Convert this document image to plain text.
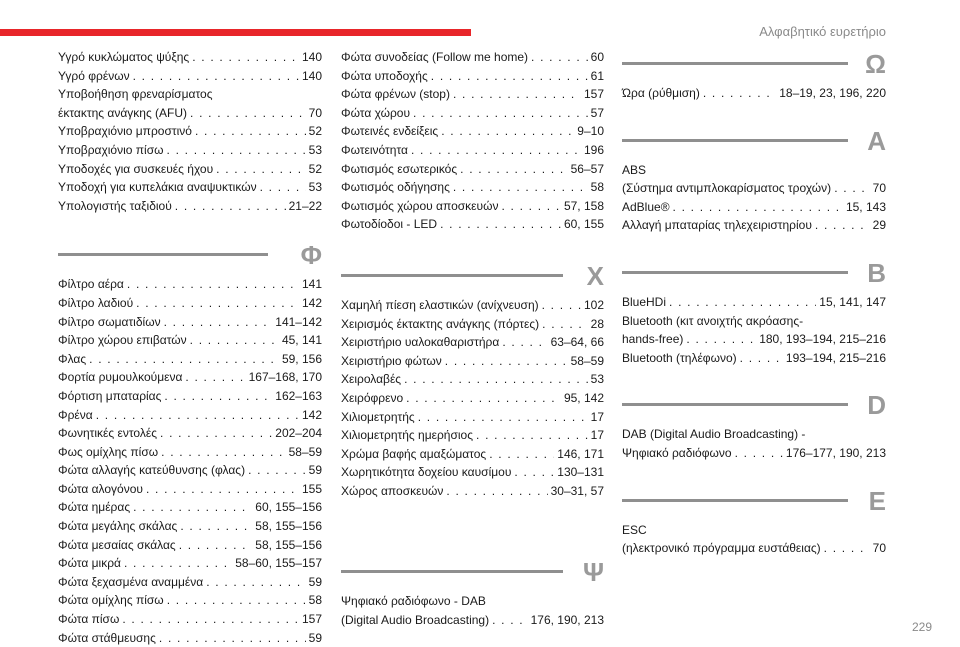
Αλφαβητικό ευρετήριο
Υγρό κυκλώματος ψύξης . . .	140
Υγρό φρένων . . .	140
Υποβοήθηση φρεναρίσματος
έκτακτης ανάγκης (AFU) . . .	70
Υποβραχιόνιο μπροστινό . . .	52
Υποβραχιόνιο πίσω . . .	53
Υποδοχές για συσκευές ήχου . . .	52
Υποδοχή για κυπελάκια αναψυκτικών . . .	53
Υπολογιστής ταξιδιού . . .	21–22
Φ
Φίλτρο αέρα . . .	141
Φίλτρο λαδιού . . .	142
Φίλτρο σωματιδίων . . .	141–142
Φίλτρο χώρου επιβατών . . .	45, 141
Φλας . . .	59, 156
Φορτία ρυμουλκούμενα . . .	167–168, 170
Φόρτιση μπαταρίας . . .	162–163
Φρένα . . .	142
Φωνητικές εντολές . . .	202–204
Φως ομίχλης πίσω . . .	58–59
Φώτα αλλαγής κατεύθυνσης (φλας) . . .	59
Φώτα αλογόνου . . .	155
Φώτα ημέρας . . .	60, 155–156
Φώτα μεγάλης σκάλας . . .	58, 155–156
Φώτα μεσαίας σκάλας . . .	58, 155–156
Φώτα μικρά . . .	58–60, 155–157
Φώτα ξεχασμένα αναμμένα . . .	59
Φώτα ομίχλης πίσω . . .	58
Φώτα πίσω . . .	157
Φώτα στάθμευσης . . .	59
Φώτα συνοδείας (Follow me home) . . .	60
Φώτα υποδοχής . . .	61
Φώτα φρένων (stop) . . .	157
Φώτα χώρου . . .	57
Φωτεινές ενδείξεις . . .	9–10
Φωτεινότητα . . .	196
Φωτισμός εσωτερικός . . .	56–57
Φωτισμός οδήγησης . . .	58
Φωτισμός χώρου αποσκευών . . .	57, 158
Φωτοδίοδοι - LED . . .	60, 155
Χ
Χαμηλή πίεση ελαστικών (ανίχνευση) . . .	102
Χειρισμός έκτακτης ανάγκης (πόρτες) . . .	28
Χειριστήριο υαλοκαθαριστήρα . . .	63–64, 66
Χειριστήριο φώτων . . .	58–59
Χειρολαβές . . .	53
Χειρόφρενο . . .	95, 142
Χιλιομετρητής . . .	17
Χιλιομετρητής ημερήσιος . . .	17
Χρώμα βαφής αμαξώματος . . .	146, 171
Χωρητικότητα δοχείου καυσίμου . . .	130–131
Χώρος αποσκευών . . .	30–31, 57
Ψ
Ψηφιακό ραδιόφωνο - DAB
(Digital Audio Broadcasting) . . .	176, 190, 213
Ω
Ώρα (ρύθμιση) . . .	18–19, 23, 196, 220
A
ABS
(Σύστημα αντιμπλοκαρίσματος τροχών) . . .	70
AdBlue® . . .	15, 143
Αλλαγή μπαταρίας τηλεχειριστηρίου . . .	29
B
BlueHDi . . .	15, 141, 147
Bluetooth (κιτ ανοιχτής ακρόασης-
hands-free) . . .	180, 193–194, 215–216
Bluetooth (τηλέφωνο) . . .	193–194, 215–216
D
DAB (Digital Audio Broadcasting) -
Ψηφιακό ραδιόφωνο . . .	176–177, 190, 213
E
ESC
(ηλεκτρονικό πρόγραμμα ευστάθειας) . . .	70
229
